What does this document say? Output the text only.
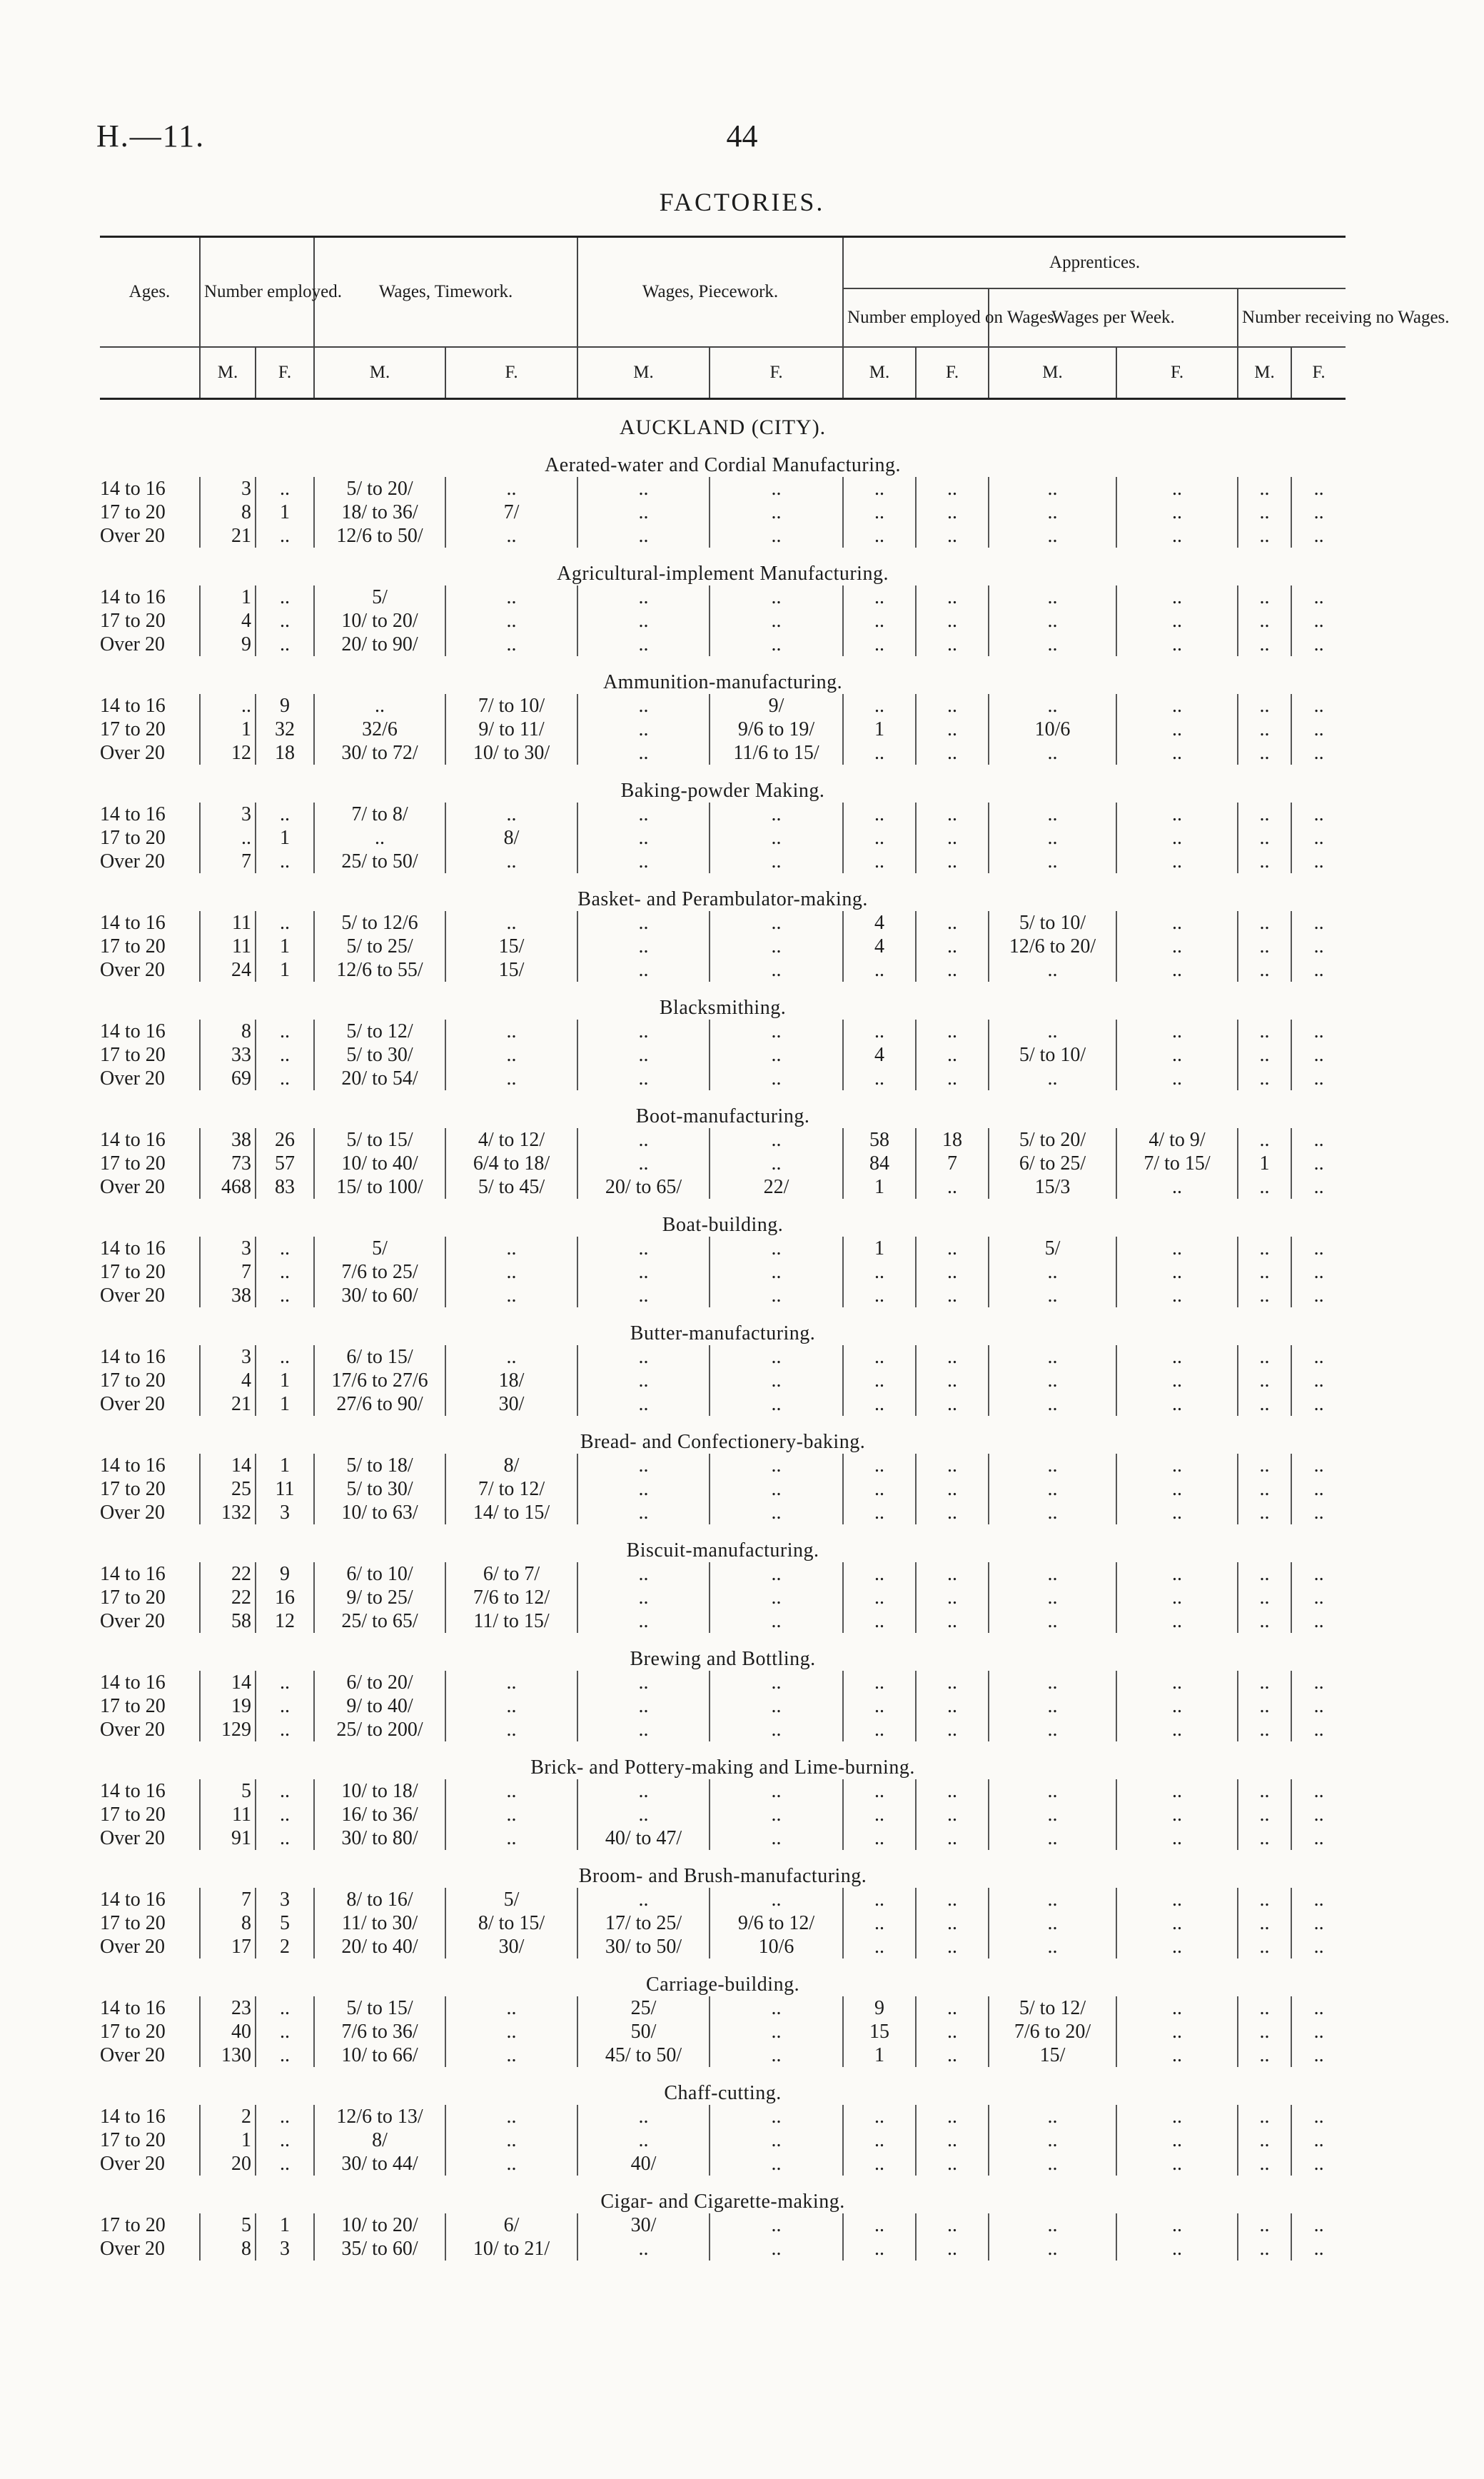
H.—11.	44
FACTORIES.
Ages.	Number employed.		Wages, Timework.		Wages, Piecework.		Apprentices.					
							Number employed on Wages.		Wages per Week.		Number receiving no Wages.	
	M.	F.	M.	F.	M.	F.	M.	F.	M.	F.	M.	F.
AUCKLAND (CITY).												
Aerated-water and Cordial Manufacturing.												
14 to 16	3	..	5/ to 20/	..	..	..	..	..	..	..	..	..
17 to 20	8	1	18/ to 36/	7/	..	..	..	..	..	..	..	..
Over 20	21	..	12/6 to 50/	..	..	..	..	..	..	..	..	..
Agricultural-implement Manufacturing.												
14 to 16	1	..	5/	..	..	..	..	..	..	..	..	..
17 to 20	4	..	10/ to 20/	..	..	..	..	..	..	..	..	..
Over 20	9	..	20/ to 90/	..	..	..	..	..	..	..	..	..
Ammunition-manufacturing.												
14 to 16	..	9	..	7/ to 10/	..	9/	..	..	..	..	..	..
17 to 20	1	32	32/6	9/ to 11/	..	9/6 to 19/	1	..	10/6	..	..	..
Over 20	12	18	30/ to 72/	10/ to 30/	..	11/6 to 15/	..	..	..	..	..	..
Baking-powder Making.												
14 to 16	3	..	7/ to 8/	..	..	..	..	..	..	..	..	..
17 to 20	..	1	..	8/	..	..	..	..	..	..	..	..
Over 20	7	..	25/ to 50/	..	..	..	..	..	..	..	..	..
Basket- and Perambulator-making.												
14 to 16	11	..	5/ to 12/6	..	..	..	4	..	5/ to 10/	..	..	..
17 to 20	11	1	5/ to 25/	15/	..	..	4	..	12/6 to 20/	..	..	..
Over 20	24	1	12/6 to 55/	15/	..	..	..	..	..	..	..	..
Blacksmithing.												
14 to 16	8	..	5/ to 12/	..	..	..	..	..	..	..	..	..
17 to 20	33	..	5/ to 30/	..	..	..	4	..	5/ to 10/	..	..	..
Over 20	69	..	20/ to 54/	..	..	..	..	..	..	..	..	..
Boot-manufacturing.												
14 to 16	38	26	5/ to 15/	4/ to 12/	..	..	58	18	5/ to 20/	4/ to 9/	..	..
17 to 20	73	57	10/ to 40/	6/4 to 18/	..	..	84	7	6/ to 25/	7/ to 15/	1	..
Over 20	468	83	15/ to 100/	5/ to 45/	20/ to 65/	22/	1	..	15/3	..	..	..
Boat-building.												
14 to 16	3	..	5/	..	..	..	1	..	5/	..	..	..
17 to 20	7	..	7/6 to 25/	..	..	..	..	..	..	..	..	..
Over 20	38	..	30/ to 60/	..	..	..	..	..	..	..	..	..
Butter-manufacturing.												
14 to 16	3	..	6/ to 15/	..	..	..	..	..	..	..	..	..
17 to 20	4	1	17/6 to 27/6	18/	..	..	..	..	..	..	..	..
Over 20	21	1	27/6 to 90/	30/	..	..	..	..	..	..	..	..
Bread- and Confectionery-baking.												
14 to 16	14	1	5/ to 18/	8/	..	..	..	..	..	..	..	..
17 to 20	25	11	5/ to 30/	7/ to 12/	..	..	..	..	..	..	..	..
Over 20	132	3	10/ to 63/	14/ to 15/	..	..	..	..	..	..	..	..
Biscuit-manufacturing.												
14 to 16	22	9	6/ to 10/	6/ to 7/	..	..	..	..	..	..	..	..
17 to 20	22	16	9/ to 25/	7/6 to 12/	..	..	..	..	..	..	..	..
Over 20	58	12	25/ to 65/	11/ to 15/	..	..	..	..	..	..	..	..
Brewing and Bottling.												
14 to 16	14	..	6/ to 20/	..	..	..	..	..	..	..	..	..
17 to 20	19	..	9/ to 40/	..	..	..	..	..	..	..	..	..
Over 20	129	..	25/ to 200/	..	..	..	..	..	..	..	..	..
Brick- and Pottery-making and Lime-burning.												
14 to 16	5	..	10/ to 18/	..	..	..	..	..	..	..	..	..
17 to 20	11	..	16/ to 36/	..	..	..	..	..	..	..	..	..
Over 20	91	..	30/ to 80/	..	40/ to 47/	..	..	..	..	..	..	..
Broom- and Brush-manufacturing.												
14 to 16	7	3	8/ to 16/	5/	..	..	..	..	..	..	..	..
17 to 20	8	5	11/ to 30/	8/ to 15/	17/ to 25/	9/6 to 12/	..	..	..	..	..	..
Over 20	17	2	20/ to 40/	30/	30/ to 50/	10/6	..	..	..	..	..	..
Carriage-building.												
14 to 16	23	..	5/ to 15/	..	25/	..	9	..	5/ to 12/	..	..	..
17 to 20	40	..	7/6 to 36/	..	50/	..	15	..	7/6 to 20/	..	..	..
Over 20	130	..	10/ to 66/	..	45/ to 50/	..	1	..	15/	..	..	..
Chaff-cutting.												
14 to 16	2	..	12/6 to 13/	..	..	..	..	..	..	..	..	..
17 to 20	1	..	8/	..	..	..	..	..	..	..	..	..
Over 20	20	..	30/ to 44/	..	40/	..	..	..	..	..	..	..
Cigar- and Cigarette-making.												
17 to 20	5	1	10/ to 20/	6/	30/	..	..	..	..	..	..	..
Over 20	8	3	35/ to 60/	10/ to 21/	..	..	..	..	..	..	..	..
